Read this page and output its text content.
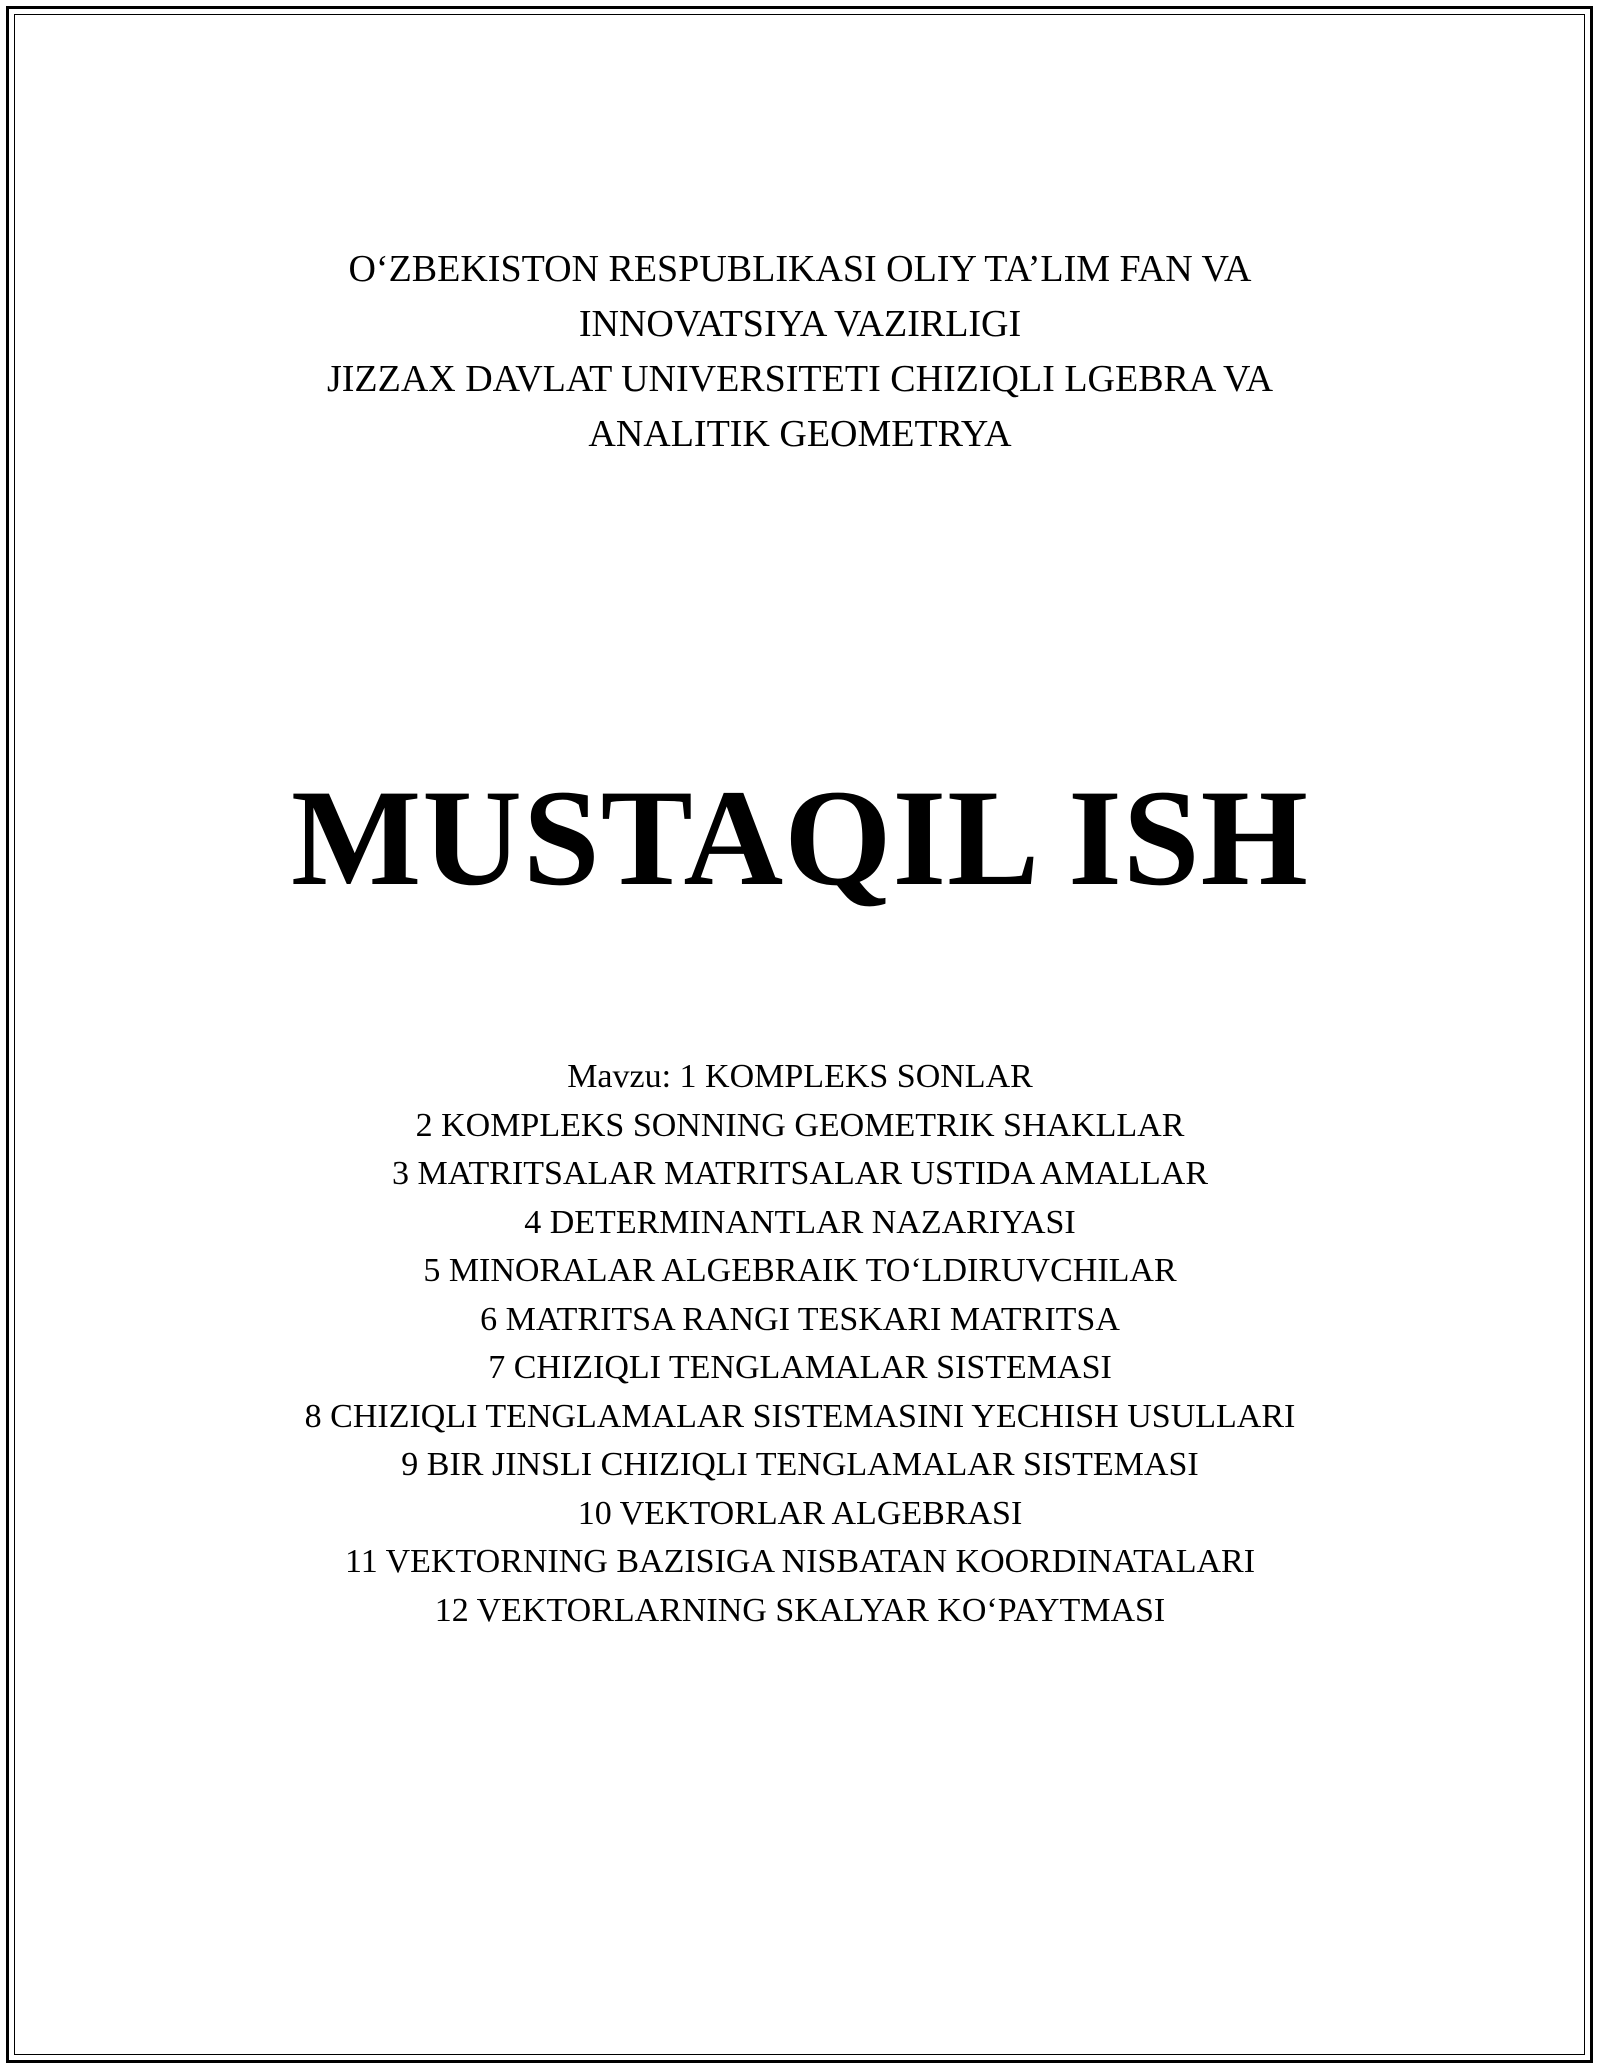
O‘ZBEKISTON RESPUBLIKASI OLIY TA’LIM FAN VA
INNOVATSIYA VAZIRLIGI
JIZZAX DAVLAT UNIVERSITETI CHIZIQLI LGEBRA VA
ANALITIK GEOMETRYA
MUSTAQIL ISH
Mavzu: 1 KOMPLEKS SONLAR
2 KOMPLEKS SONNING GEOMETRIK SHAKLLAR
3 MATRITSALAR MATRITSALAR USTIDA AMALLAR
4 DETERMINANTLAR NAZARIYASI
5 MINORALAR ALGEBRAIK TO‘LDIRUVCHILAR
6 MATRITSA RANGI TESKARI MATRITSA
7 CHIZIQLI TENGLAMALAR SISTEMASI
8 CHIZIQLI TENGLAMALAR SISTEMASINI YECHISH USULLARI
9 BIR JINSLI CHIZIQLI TENGLAMALAR SISTEMASI
10 VEKTORLAR ALGEBRASI
11 VEKTORNING BAZISIGA NISBATAN KOORDINATALARI
12 VEKTORLARNING SKALYAR KO‘PAYTMASI
